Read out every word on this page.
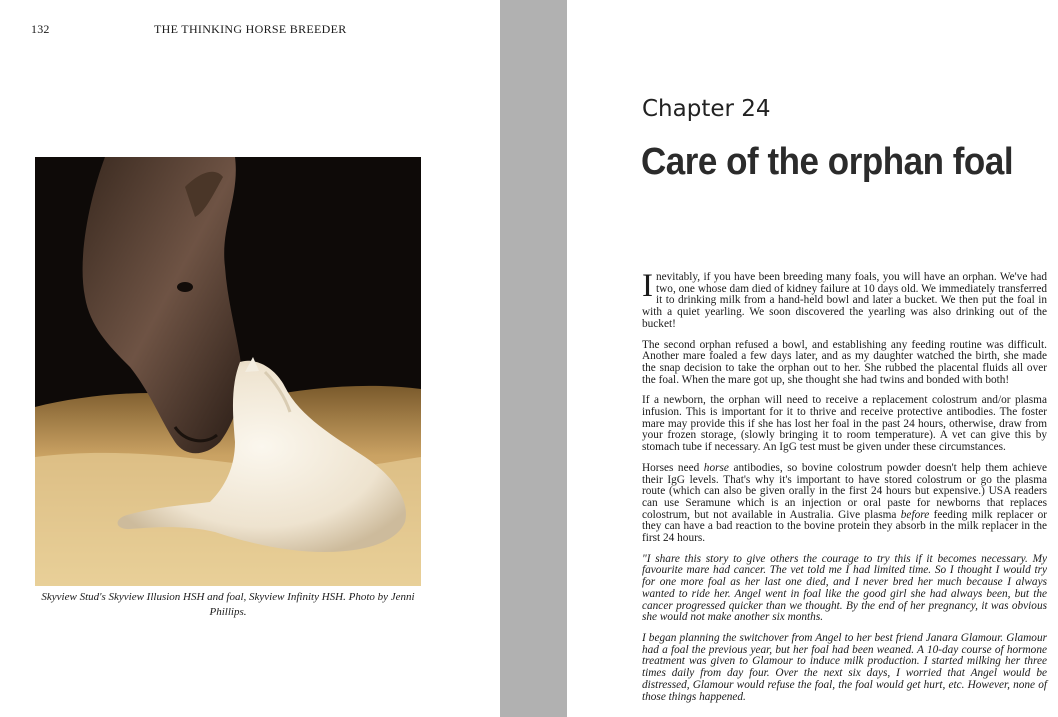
132	THE THINKING HORSE BREEDER
Skyview Stud's Skyview Illusion HSH and foal, Skyview Infinity HSH. Photo by Jenni Phillips.
Chapter 24
Care of the orphan foal

Inevitably, if you have been breeding many foals, you will have an orphan. We've had two, one whose dam died of kidney failure at 10 days old. We immediately transferred it to drinking milk from a hand-held bowl and later a bucket. We then put the foal in with a quiet yearling. We soon discovered the yearling was also drinking out of the bucket!

The second orphan refused a bowl, and establishing any feeding routine was difficult. Another mare foaled a few days later, and as my daughter watched the birth, she made the snap decision to take the orphan out to her. She rubbed the placental fluids all over the foal. When the mare got up, she thought she had twins and bonded with both!

If a newborn, the orphan will need to receive a replacement colostrum and/or plasma infusion. This is important for it to thrive and receive protective antibodies. The foster mare may provide this if she has lost her foal in the past 24 hours, otherwise, draw from your frozen storage, (slowly bringing it to room temperature). A vet can give this by stomach tube if necessary. An IgG test must be given under these circumstances.

Horses need horse antibodies, so bovine colostrum powder doesn't help them achieve their IgG levels. That's why it's important to have stored colostrum or go the plasma route (which can also be given orally in the first 24 hours but expensive.) USA readers can use Seramune which is an injection or oral paste for newborns that replaces colostrum, but not available in Australia. Give plasma before feeding milk replacer or they can have a bad reaction to the bovine protein they absorb in the milk replacer in the first 24 hours.

"I share this story to give others the courage to try this if it becomes necessary. My favourite mare had cancer. The vet told me I had limited time. So I thought I would try for one more foal as her last one died, and I never bred her much because I always wanted to ride her. Angel went in foal like the good girl she had always been, but the cancer progressed quicker than we thought. By the end of her pregnancy, it was obvious she would not make another six months.

I began planning the switchover from Angel to her best friend Janara Glamour. Glamour had a foal the previous year, but her foal had been weaned. A 10-day course of hormone treatment was given to Glamour to induce milk production. I started milking her three times daily from day four. Over the next six days, I worried that Angel would be distressed, Glamour would refuse the foal, the foal would get hurt, etc. However, none of those things happened.
